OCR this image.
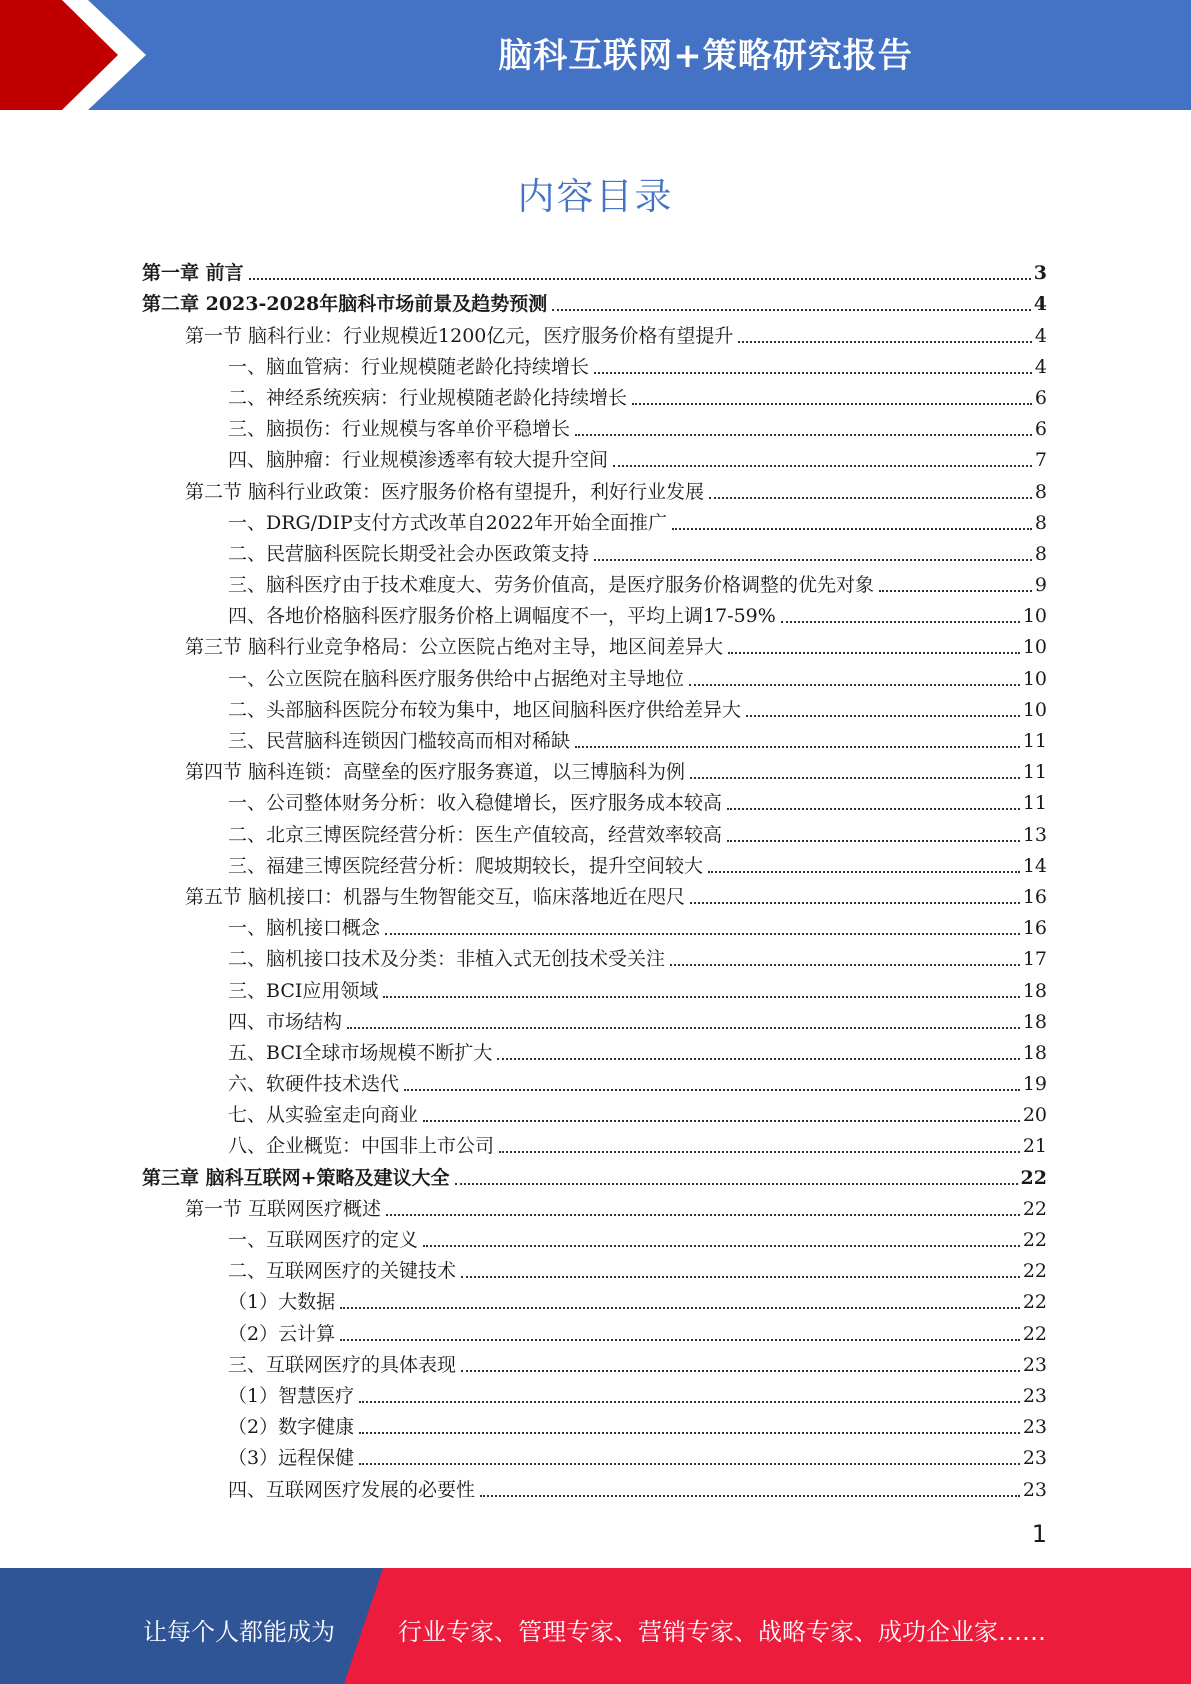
脑科互联网+策略研究报告
内容目录
第一章 前言	3
第二章 2023-2028年脑科市场前景及趋势预测	4
第一节 脑科行业：行业规模近1200亿元，医疗服务价格有望提升	4
一、脑血管病：行业规模随老龄化持续增长	4
二、神经系统疾病：行业规模随老龄化持续增长	6
三、脑损伤：行业规模与客单价平稳增长	6
四、脑肿瘤：行业规模渗透率有较大提升空间	7
第二节 脑科行业政策：医疗服务价格有望提升，利好行业发展	8
一、DRG/DIP支付方式改革自2022年开始全面推广	8
二、民营脑科医院长期受社会办医政策支持	8
三、脑科医疗由于技术难度大、劳务价值高，是医疗服务价格调整的优先对象	9
四、各地价格脑科医疗服务价格上调幅度不一，平均上调17-59%	10
第三节 脑科行业竞争格局：公立医院占绝对主导，地区间差异大	10
一、公立医院在脑科医疗服务供给中占据绝对主导地位	10
二、头部脑科医院分布较为集中，地区间脑科医疗供给差异大	10
三、民营脑科连锁因门槛较高而相对稀缺	11
第四节 脑科连锁：高壁垒的医疗服务赛道，以三博脑科为例	11
一、公司整体财务分析：收入稳健增长，医疗服务成本较高	11
二、北京三博医院经营分析：医生产值较高，经营效率较高	13
三、福建三博医院经营分析：爬坡期较长，提升空间较大	14
第五节 脑机接口：机器与生物智能交互，临床落地近在咫尺	16
一、脑机接口概念	16
二、脑机接口技术及分类：非植入式无创技术受关注	17
三、BCI应用领域	18
四、市场结构	18
五、BCI全球市场规模不断扩大	18
六、软硬件技术迭代	19
七、从实验室走向商业	20
八、企业概览：中国非上市公司	21
第三章 脑科互联网+策略及建议大全	22
第一节 互联网医疗概述	22
一、互联网医疗的定义	22
二、互联网医疗的关键技术	22
（1）大数据	22
（2）云计算	22
三、互联网医疗的具体表现	23
（1）智慧医疗	23
（2）数字健康	23
（3）远程保健	23
四、互联网医疗发展的必要性	23
1
让每个人都能成为	行业专家、管理专家、营销专家、战略专家、成功企业家……
